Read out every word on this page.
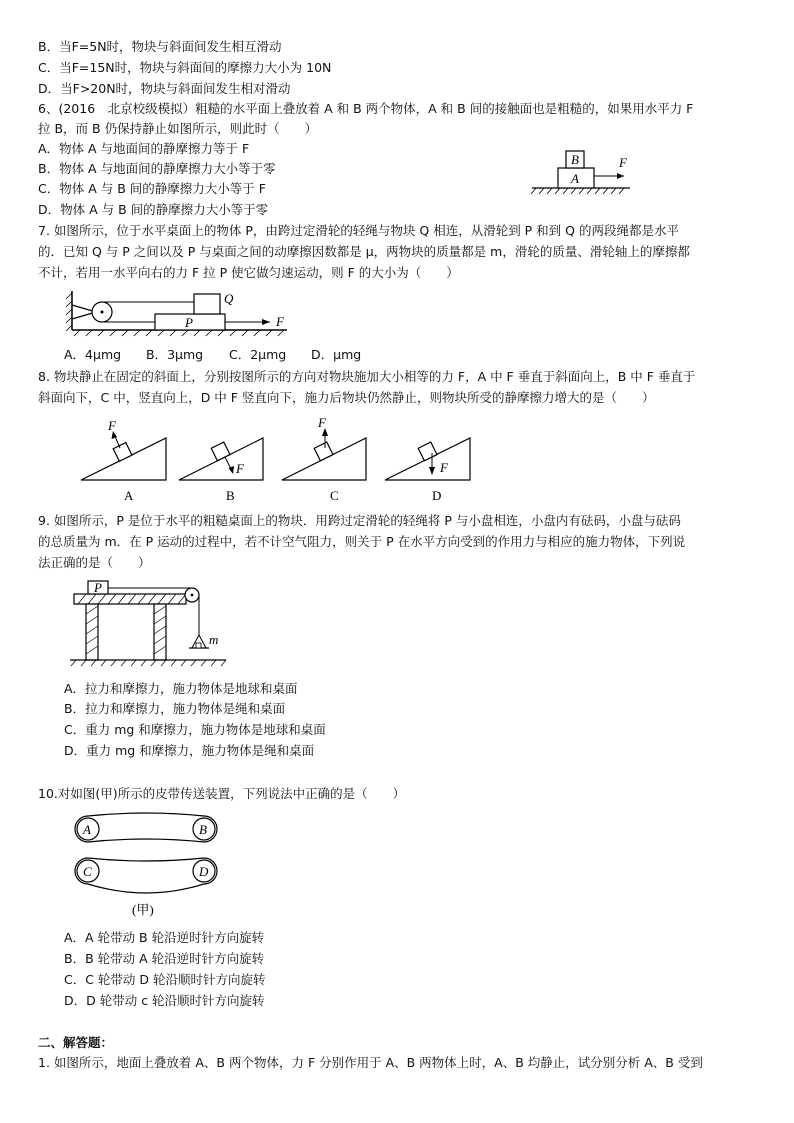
B．当F=5N时，物块与斜面间发生相互滑动
C．当F=15N时，物块与斜面间的摩擦力大小为 10N
D．当F>20N时，物块与斜面间发生相对滑动
6、(2016　北京校级模拟）粗糙的水平面上叠放着 A 和 B 两个物体，A 和 B 间的接触面也是粗糙的，如果用水平力 F
拉 B，而 B 仍保持静止如图所示，则此时（　　）
A．物体 A 与地面间的静摩擦力等于 F
B．物体 A 与地面间的静摩擦力大小等于零
C．物体 A 与 B 间的静摩擦力大小等于 F
D．物体 A 与 B 间的静摩擦力大小等于零
B
A
F
7. 如图所示，位于水平桌面上的物体 P，由跨过定滑轮的轻绳与物块 Q 相连，从滑轮到 P 和到 Q 的两段绳都是水平
的．已知 Q 与 P 之间以及 P 与桌面之间的动摩擦因数都是 μ，两物块的质量都是 m，滑轮的质量、滑轮轴上的摩擦都
不计，若用一水平向右的力 F 拉 P 使它做匀速运动，则 F 的大小为（　　）
Q
P	F
A．4μmg B．3μmg C．2μmg D．μmg
8. 物块静止在固定的斜面上，分别按图所示的方向对物块施加大小相等的力 F，A 中 F 垂直于斜面向上，B 中 F 垂直于
斜面向下，C 中，竖直向上，D 中 F 竖直向下，施力后物块仍然静止，则物块所受的静摩擦力增大的是（　　）
F
A
F
B
F
C
F
D
9. 如图所示，P 是位于水平的粗糙桌面上的物块．用跨过定滑轮的轻绳将 P 与小盘相连，小盘内有砝码，小盘与砝码
的总质量为 m．在 P 运动的过程中，若不计空气阻力，则关于 P 在水平方向受到的作用力与相应的施力物体，下列说
法正确的是（　　）
P
m
A．拉力和摩擦力，施力物体是地球和桌面
B．拉力和摩擦力，施力物体是绳和桌面
C．重力 mg 和摩擦力，施力物体是地球和桌面
D．重力 mg 和摩擦力，施力物体是绳和桌面
10.对如图(甲)所示的皮带传送装置，下列说法中正确的是（　　）
A	B
C	D
(甲)
A．A 轮带动 B 轮沿逆时针方向旋转
B．B 轮带动 A 轮沿逆时针方向旋转
C．C 轮带动 D 轮沿顺时针方向旋转
D．D 轮带动 c 轮沿顺时针方向旋转
二、解答题：
1. 如图所示，地面上叠放着 A、B 两个物体，力 F 分别作用于 A、B 两物体上时，A、B 均静止，试分别分析 A、B 受到
